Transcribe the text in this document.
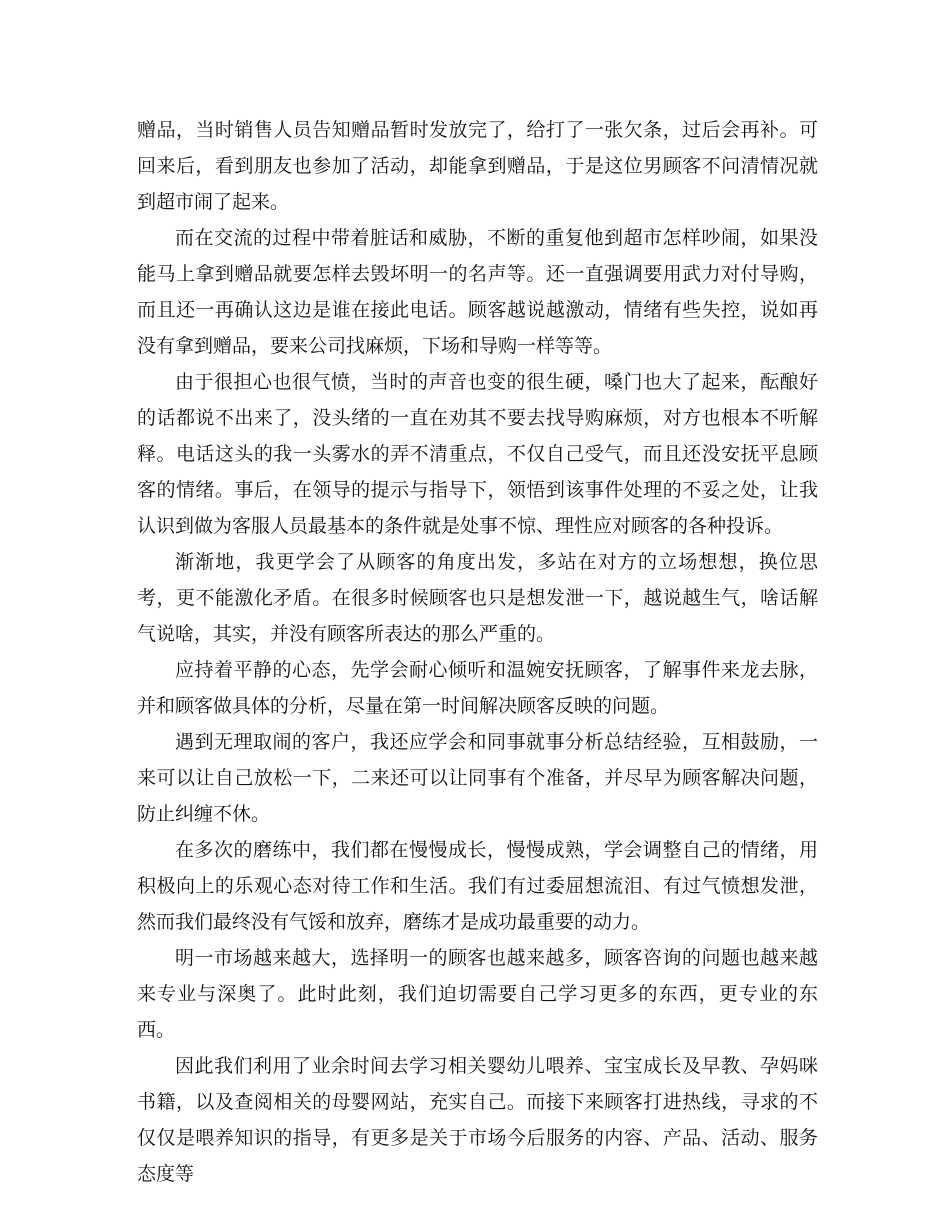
赠品，当时销售人员告知赠品暂时发放完了，给打了一张欠条，过后会再补。可回来后，看到朋友也参加了活动，却能拿到赠品，于是这位男顾客不问清情况就到超市闹了起来。

而在交流的过程中带着脏话和威胁，不断的重复他到超市怎样吵闹，如果没能马上拿到赠品就要怎样去毁坏明一的名声等。还一直强调要用武力对付导购，而且还一再确认这边是谁在接此电话。顾客越说越激动，情绪有些失控，说如再没有拿到赠品，要来公司找麻烦，下场和导购一样等等。

由于很担心也很气愤，当时的声音也变的很生硬，嗓门也大了起来，酝酿好的话都说不出来了，没头绪的一直在劝其不要去找导购麻烦，对方也根本不听解释。电话这头的我一头雾水的弄不清重点，不仅自己受气，而且还没安抚平息顾客的情绪。事后，在领导的提示与指导下，领悟到该事件处理的不妥之处，让我认识到做为客服人员最基本的条件就是处事不惊、理性应对顾客的各种投诉。

渐渐地，我更学会了从顾客的角度出发，多站在对方的立场想想，换位思考，更不能激化矛盾。在很多时候顾客也只是想发泄一下，越说越生气，啥话解气说啥，其实，并没有顾客所表达的那么严重的。

应持着平静的心态，先学会耐心倾听和温婉安抚顾客，了解事件来龙去脉，并和顾客做具体的分析，尽量在第一时间解决顾客反映的问题。

遇到无理取闹的客户，我还应学会和同事就事分析总结经验，互相鼓励，一来可以让自己放松一下，二来还可以让同事有个准备，并尽早为顾客解决问题，防止纠缠不休。

在多次的磨练中，我们都在慢慢成长，慢慢成熟，学会调整自己的情绪，用积极向上的乐观心态对待工作和生活。我们有过委屈想流泪、有过气愤想发泄，然而我们最终没有气馁和放弃，磨练才是成功最重要的动力。

明一市场越来越大，选择明一的顾客也越来越多，顾客咨询的问题也越来越来专业与深奥了。此时此刻，我们迫切需要自己学习更多的东西，更专业的东西。

因此我们利用了业余时间去学习相关婴幼儿喂养、宝宝成长及早教、孕妈咪书籍，以及查阅相关的母婴网站，充实自己。而接下来顾客打进热线，寻求的不仅仅是喂养知识的指导，有更多是关于市场今后服务的内容、产品、活动、服务态度等
